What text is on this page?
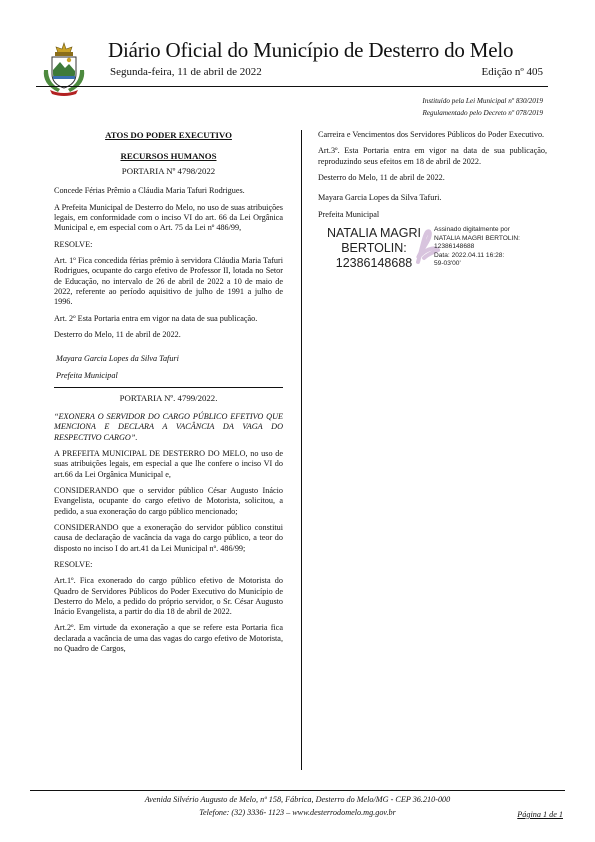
Diário Oficial do Município de Desterro do Melo
Segunda-feira, 11 de abril de 2022	Edição nº 405
Instituído pela Lei Municipal nº 830/2019
Regulamentado pelo Decreto nº 078/2019

ATOS DO PODER EXECUTIVO

RECURSOS HUMANOS

PORTARIA Nº 4798/2022

Concede Férias Prêmio a Cláudia Maria Tafuri Rodrigues.

A Prefeita Municipal de Desterro do Melo, no uso de suas atribuições legais, em conformidade com o inciso VI do art. 66 da Lei Orgânica Municipal e, em especial com o Art. 75 da Lei nº 486/99,

RESOLVE:

Art. 1º Fica concedida férias prêmio à servidora Cláudia Maria Tafuri Rodrigues, ocupante do cargo efetivo de Professor II, lotada no Setor de Educação, no intervalo de 26 de abril de 2022 a 10 de maio de 2022, referente ao período aquisitivo de julho de 1991 a julho de 1996.

Art. 2º Esta Portaria entra em vigor na data de sua publicação.

Desterro do Melo, 11 de abril de 2022.

Mayara Garcia Lopes da Silva Tafuri

Prefeita Municipal

PORTARIA Nº. 4799/2022.

“EXONERA O SERVIDOR DO CARGO PÚBLICO EFETIVO QUE MENCIONA E DECLARA A VACÂNCIA DA VAGA DO RESPECTIVO CARGO”.

A PREFEITA MUNICIPAL DE DESTERRO DO MELO, no uso de suas atribuições legais, em especial a que lhe confere o inciso VI do art.66 da Lei Orgânica Municipal e,

CONSIDERANDO que o servidor público César Augusto Inácio Evangelista, ocupante do cargo efetivo de Motorista, solicitou, a pedido, a sua exoneração do cargo público mencionado;

CONSIDERANDO que a exoneração do servidor público constitui causa de declaração de vacância da vaga do cargo público, a teor do disposto no inciso I do art.41 da Lei Municipal nº. 486/99;

RESOLVE:

Art.1º. Fica exonerado do cargo público efetivo de Motorista do Quadro de Servidores Públicos do Poder Executivo do Município de Desterro do Melo, a pedido do próprio servidor, o Sr. César Augusto Inácio Evangelista, a partir do dia 18 de abril de 2022.

Art.2º. Em virtude da exoneração a que se refere esta Portaria fica declarada a vacância de uma das vagas do cargo efetivo de Motorista, no Quadro de Cargos,

Carreira e Vencimentos dos Servidores Públicos do Poder Executivo.

Art.3º. Esta Portaria entra em vigor na data de sua publicação, reproduzindo seus efeitos em 18 de abril de 2022.

Desterro do Melo, 11 de abril de 2022.

Mayara Garcia Lopes da Silva Tafuri.

Prefeita Municipal

NATALIA MAGRI
BERTOLIN:
12386148688
Assinado digitalmente por
NATALIA MAGRI BERTOLIN:
12386148688
Data: 2022.04.11 16:28:
59-03'00'
Avenida Silvério Augusto de Melo, nº 158, Fábrica, Desterro do Melo/MG - CEP 36.210-000
Telefone: (32) 3336- 1123 – www.desterrodomelo.mg.gov.br	Página 1 de 1
